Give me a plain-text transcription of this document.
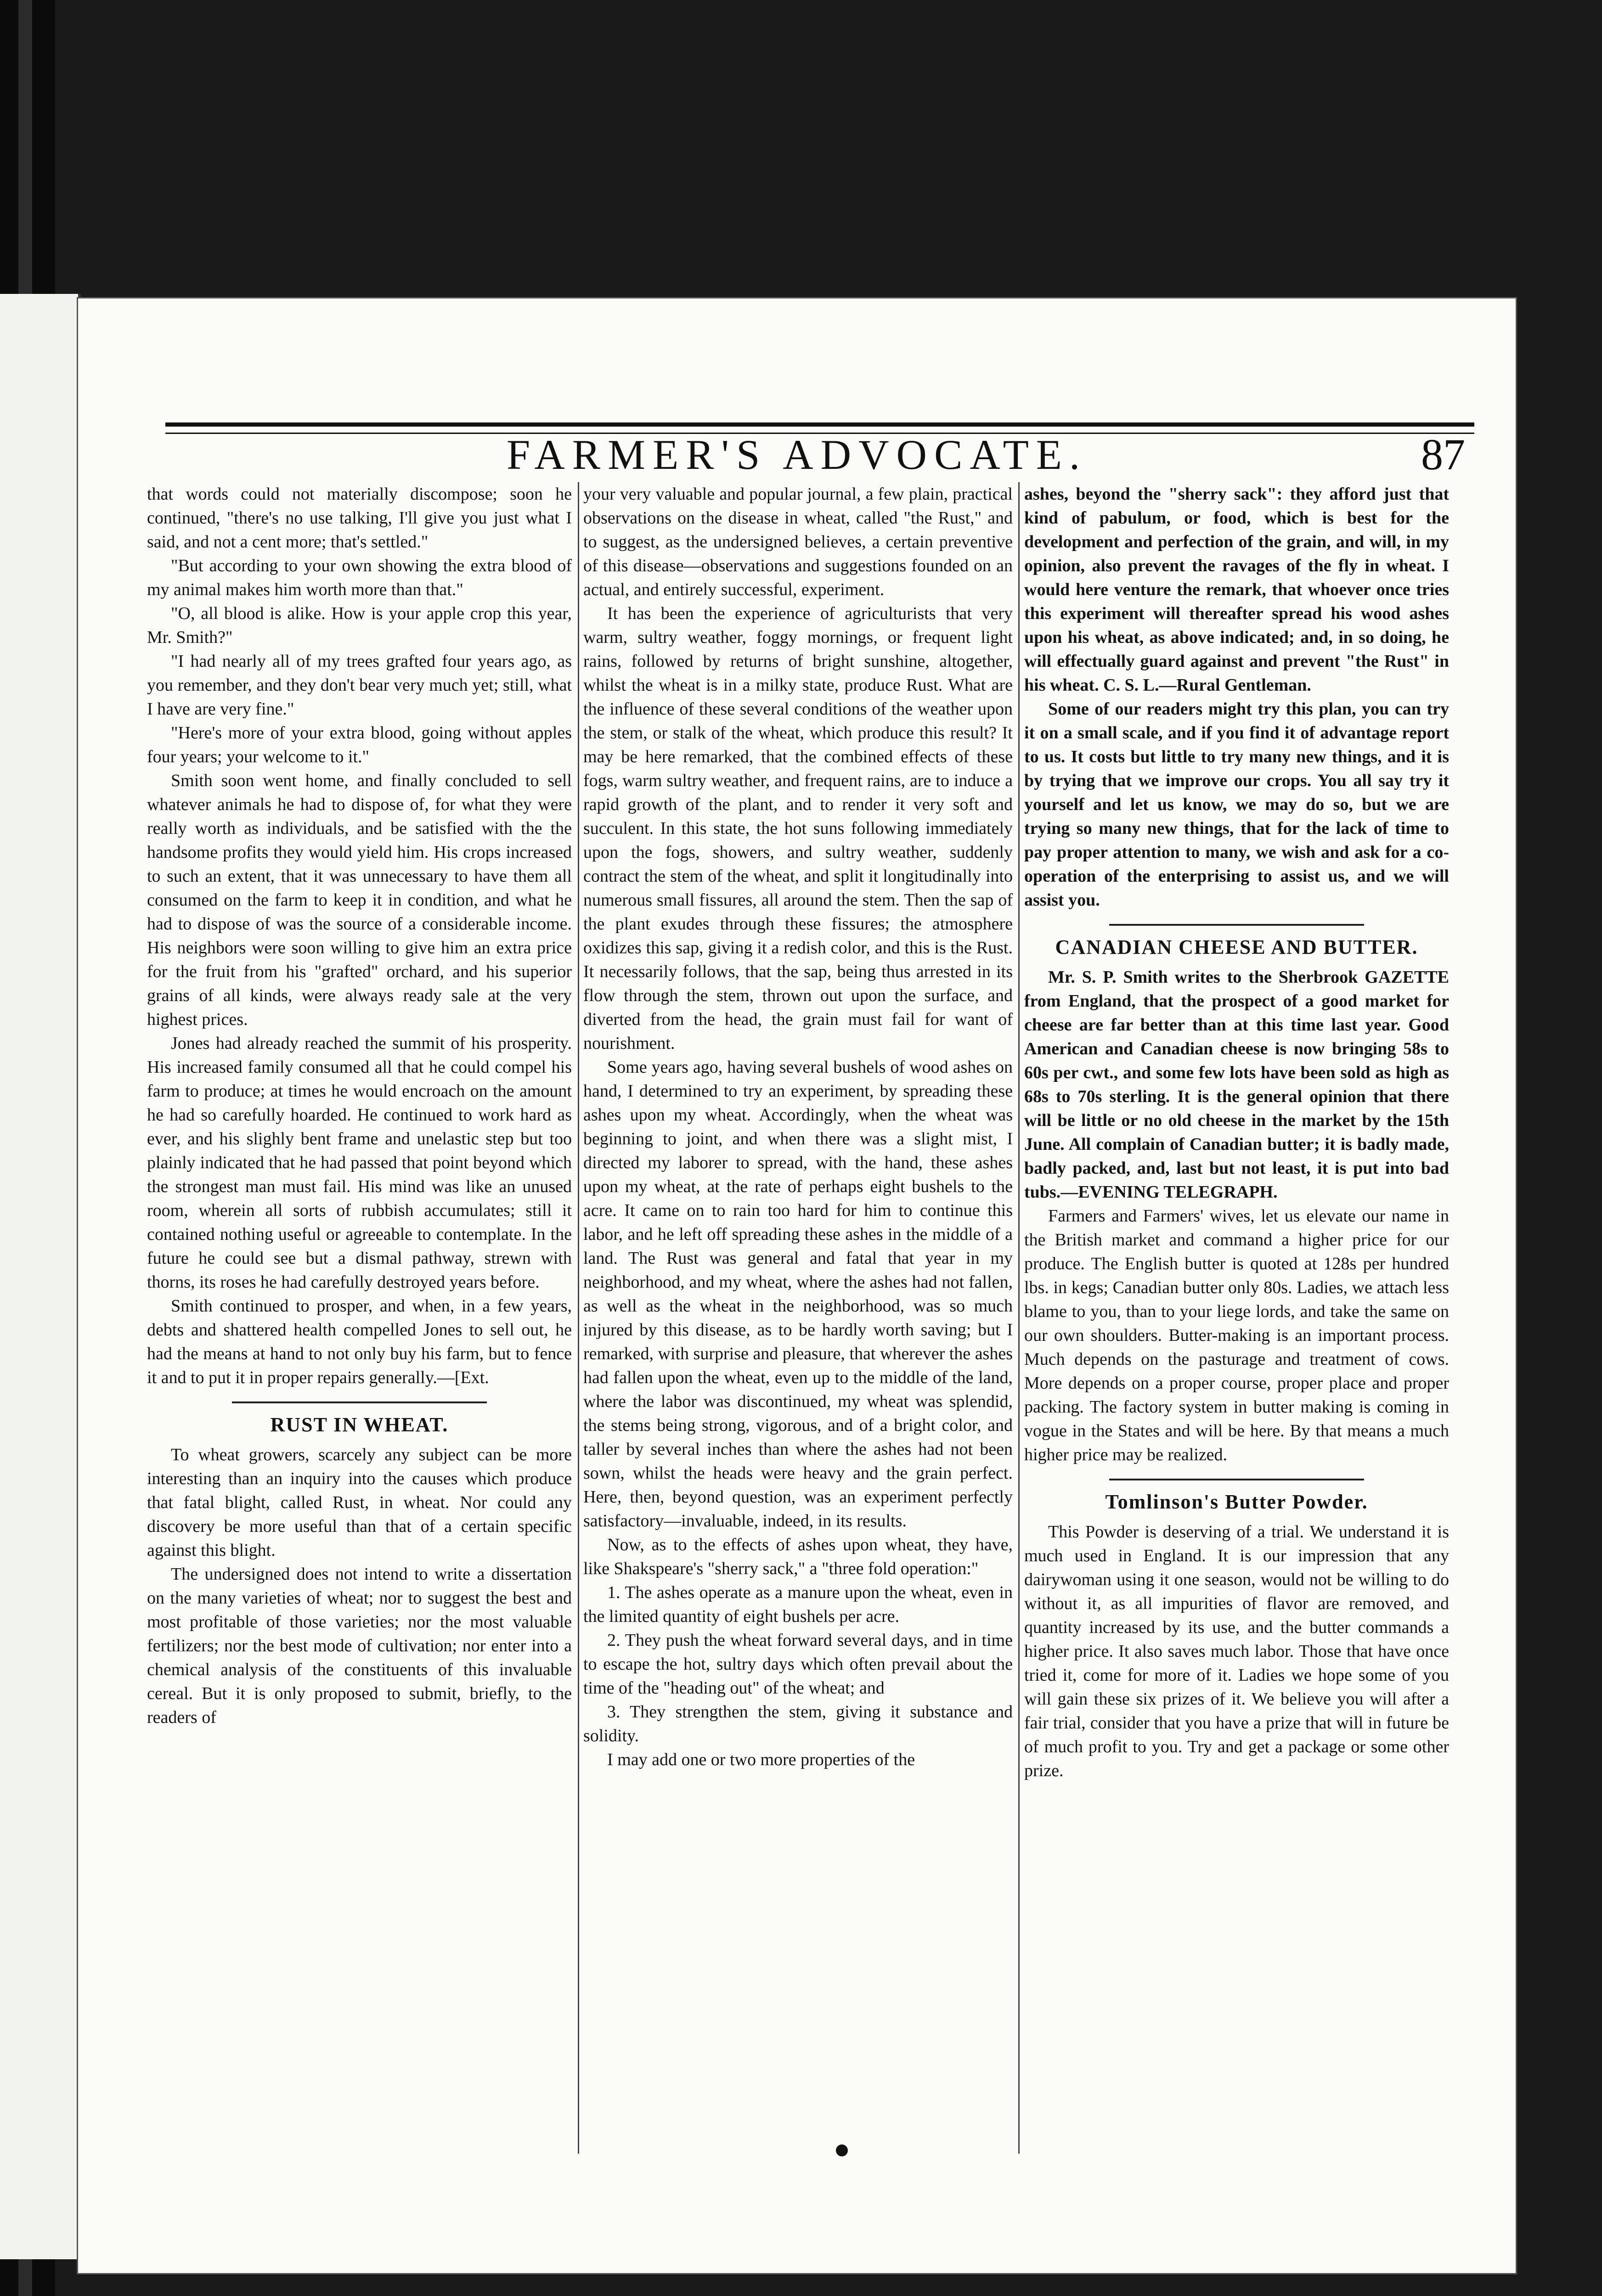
FARMER'S ADVOCATE.	87

that words could not materially discompose; soon he continued, "there's no use talking, I'll give you just what I said, and not a cent more; that's settled."

"But according to your own showing the extra blood of my animal makes him worth more than that."

"O, all blood is alike. How is your apple crop this year, Mr. Smith?"

"I had nearly all of my trees grafted four years ago, as you remember, and they don't bear very much yet; still, what I have are very fine."

"Here's more of your extra blood, going without apples four years; your welcome to it."

Smith soon went home, and finally concluded to sell whatever animals he had to dispose of, for what they were really worth as individuals, and be satisfied with the the handsome profits they would yield him. His crops increased to such an extent, that it was unnecessary to have them all consumed on the farm to keep it in condition, and what he had to dispose of was the source of a considerable income. His neighbors were soon willing to give him an extra price for the fruit from his "grafted" orchard, and his superior grains of all kinds, were always ready sale at the very highest prices.

Jones had already reached the summit of his prosperity. His increased family consumed all that he could compel his farm to produce; at times he would encroach on the amount he had so carefully hoarded. He continued to work hard as ever, and his slighly bent frame and unelastic step but too plainly indicated that he had passed that point beyond which the strongest man must fail. His mind was like an unused room, wherein all sorts of rubbish accumulates; still it contained nothing useful or agreeable to contemplate. In the future he could see but a dismal pathway, strewn with thorns, its roses he had carefully destroyed years before.

Smith continued to prosper, and when, in a few years, debts and shattered health compelled Jones to sell out, he had the means at hand to not only buy his farm, but to fence it and to put it in proper repairs generally.—[Ext.

RUST IN WHEAT.

To wheat growers, scarcely any subject can be more interesting than an inquiry into the causes which produce that fatal blight, called Rust, in wheat. Nor could any discovery be more useful than that of a certain specific against this blight.

The undersigned does not intend to write a dissertation on the many varieties of wheat; nor to suggest the best and most profitable of those varieties; nor the most valuable fertilizers; nor the best mode of cultivation; nor enter into a chemical analysis of the constituents of this invaluable cereal. But it is only proposed to submit, briefly, to the readers of

your very valuable and popular journal, a few plain, practical observations on the disease in wheat, called "the Rust," and to suggest, as the undersigned believes, a certain preventive of this disease—observations and suggestions founded on an actual, and entirely successful, experiment.

It has been the experience of agriculturists that very warm, sultry weather, foggy mornings, or frequent light rains, followed by returns of bright sunshine, altogether, whilst the wheat is in a milky state, produce Rust. What are the influence of these several conditions of the weather upon the stem, or stalk of the wheat, which produce this result? It may be here remarked, that the combined effects of these fogs, warm sultry weather, and frequent rains, are to induce a rapid growth of the plant, and to render it very soft and succulent. In this state, the hot suns following immediately upon the fogs, showers, and sultry weather, suddenly contract the stem of the wheat, and split it longitudinally into numerous small fissures, all around the stem. Then the sap of the plant exudes through these fissures; the atmosphere oxidizes this sap, giving it a redish color, and this is the Rust. It necessarily follows, that the sap, being thus arrested in its flow through the stem, thrown out upon the surface, and diverted from the head, the grain must fail for want of nourishment.

Some years ago, having several bushels of wood ashes on hand, I determined to try an experiment, by spreading these ashes upon my wheat. Accordingly, when the wheat was beginning to joint, and when there was a slight mist, I directed my laborer to spread, with the hand, these ashes upon my wheat, at the rate of perhaps eight bushels to the acre. It came on to rain too hard for him to continue this labor, and he left off spreading these ashes in the middle of a land. The Rust was general and fatal that year in my neighborhood, and my wheat, where the ashes had not fallen, as well as the wheat in the neighborhood, was so much injured by this disease, as to be hardly worth saving; but I remarked, with surprise and pleasure, that wherever the ashes had fallen upon the wheat, even up to the middle of the land, where the labor was discontinued, my wheat was splendid, the stems being strong, vigorous, and of a bright color, and taller by several inches than where the ashes had not been sown, whilst the heads were heavy and the grain perfect. Here, then, beyond question, was an experiment perfectly satisfactory—invaluable, indeed, in its results.

Now, as to the effects of ashes upon wheat, they have, like Shakspeare's "sherry sack," a "three fold operation:"

1. The ashes operate as a manure upon the wheat, even in the limited quantity of eight bushels per acre.

2. They push the wheat forward several days, and in time to escape the hot, sultry days which often prevail about the time of the "heading out" of the wheat; and

3. They strengthen the stem, giving it substance and solidity.

I may add one or two more properties of the

ashes, beyond the "sherry sack": they afford just that kind of pabulum, or food, which is best for the development and perfection of the grain, and will, in my opinion, also prevent the ravages of the fly in wheat. I would here venture the remark, that whoever once tries this experiment will thereafter spread his wood ashes upon his wheat, as above indicated; and, in so doing, he will effectually guard against and prevent "the Rust" in his wheat. C. S. L.—Rural Gentleman.

Some of our readers might try this plan, you can try it on a small scale, and if you find it of advantage report to us. It costs but little to try many new things, and it is by trying that we improve our crops. You all say try it yourself and let us know, we may do so, but we are trying so many new things, that for the lack of time to pay proper attention to many, we wish and ask for a co-operation of the enterprising to assist us, and we will assist you.

CANADIAN CHEESE AND BUTTER.

Mr. S. P. Smith writes to the Sherbrook GAZETTE from England, that the prospect of a good market for cheese are far better than at this time last year. Good American and Canadian cheese is now bringing 58s to 60s per cwt., and some few lots have been sold as high as 68s to 70s sterling. It is the general opinion that there will be little or no old cheese in the market by the 15th June. All complain of Canadian butter; it is badly made, badly packed, and, last but not least, it is put into bad tubs.—EVENING TELEGRAPH.

Farmers and Farmers' wives, let us elevate our name in the British market and command a higher price for our produce. The English butter is quoted at 128s per hundred lbs. in kegs; Canadian butter only 80s. Ladies, we attach less blame to you, than to your liege lords, and take the same on our own shoulders. Butter-making is an important process. Much depends on the pasturage and treatment of cows. More depends on a proper course, proper place and proper packing. The factory system in butter making is coming in vogue in the States and will be here. By that means a much higher price may be realized.

Tomlinson's Butter Powder.

This Powder is deserving of a trial. We understand it is much used in England. It is our impression that any dairywoman using it one season, would not be willing to do without it, as all impurities of flavor are removed, and quantity increased by its use, and the butter commands a higher price. It also saves much labor. Those that have once tried it, come for more of it. Ladies we hope some of you will gain these six prizes of it. We believe you will after a fair trial, consider that you have a prize that will in future be of much profit to you. Try and get a package or some other prize.
